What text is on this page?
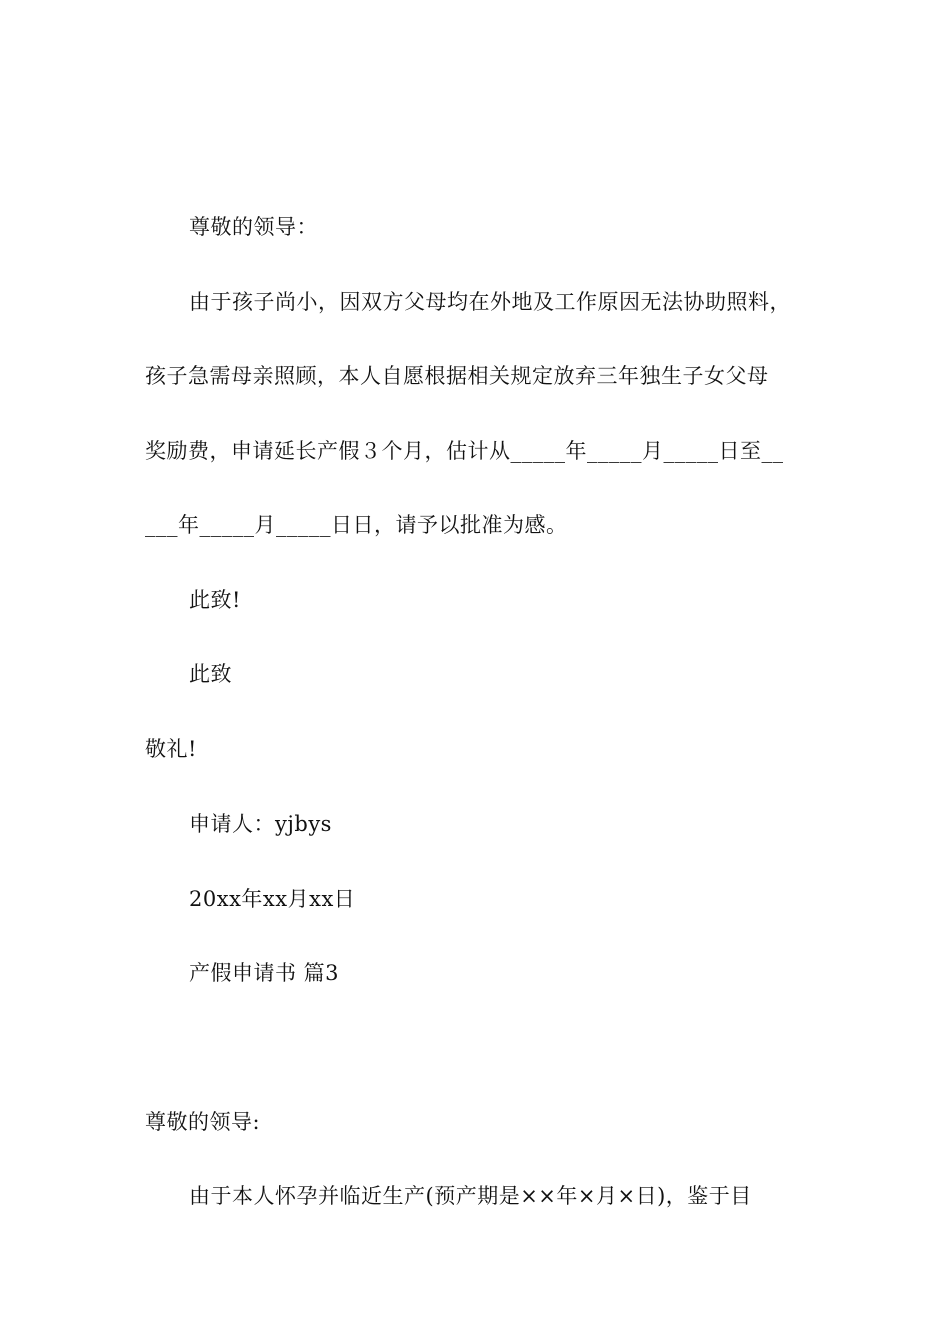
尊敬的领导：
由于孩子尚小，因双方父母均在外地及工作原因无法协助照料，
孩子急需母亲照顾，本人自愿根据相关规定放弃三年独生子女父母
奖励费，申请延长产假３个月，估计从_____年_____月_____日至__
___年_____月_____日日，请予以批准为感。
此致!
此致
敬礼!
申请人：yjbys
20xx年xx月xx日
产假申请书 篇3
尊敬的领导:
由于本人怀孕并临近生产(预产期是××年×月×日)，鉴于目
